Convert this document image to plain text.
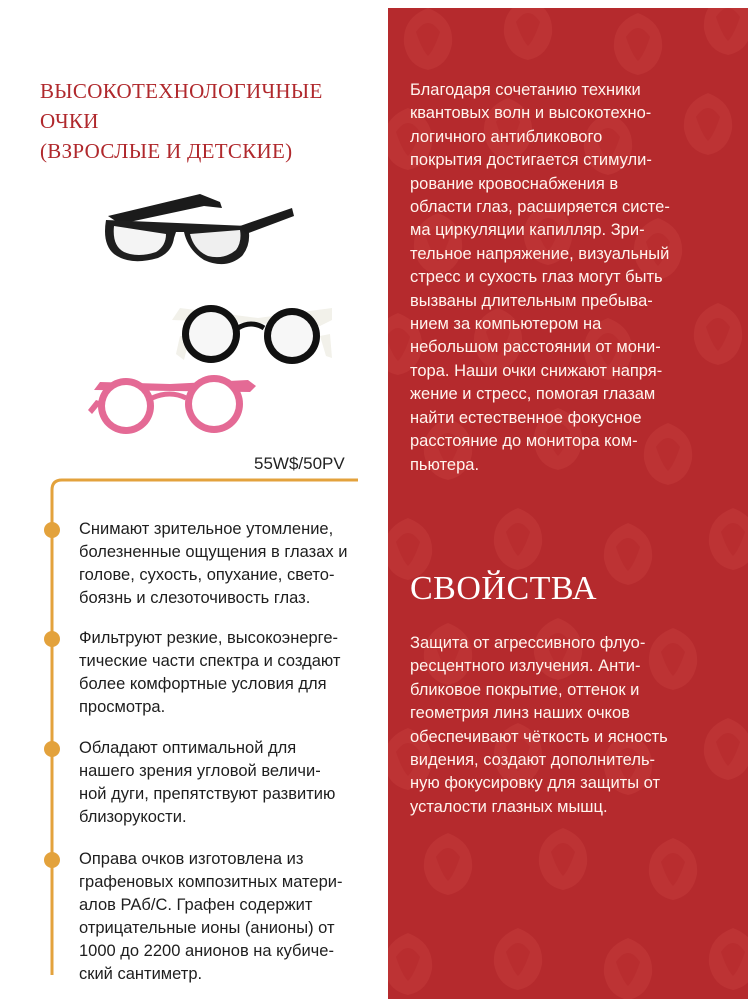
ВЫСОКОТЕХНОЛОГИЧНЫЕ
ОЧКИ
(ВЗРОСЛЫЕ И ДЕТСКИЕ)
55W$/50PV
Снимают зрительное утомление,
болезненные ощущения в глазах и
голове, сухость, опухание, свето-
боязнь и слезоточивость глаз.
Фильтруют резкие, высокоэнерге-
тические части спектра и создают
более комфортные условия для
просмотра.
Обладают оптимальной для
нашего зрения угловой величи-
ной дуги, препятствуют развитию
близорукости.
Оправа очков изготовлена из
графеновых композитных матери-
алов РАб/С. Графен содержит
отрицательные ионы (анионы) от
1000 до 2200 анионов на кубиче-
ский сантиметр.
Благодаря сочетанию техники
квантовых волн и высокотехно-
логичного антибликового
покрытия достигается стимули-
рование кровоснабжения в
области глаз, расширяется систе-
ма циркуляции капилляр. Зри-
тельное напряжение, визуальный
стресс и сухость глаз могут быть
вызваны длительным пребыва-
нием за компьютером на
небольшом расстоянии от мони-
тора. Наши очки снижают напря-
жение и стресс, помогая глазам
найти естественное фокусное
расстояние до монитора ком-
пьютера.
СВОЙСТВА
Защита от агрессивного флуо-
ресцентного излучения. Анти-
бликовое покрытие, оттенок и
геометрия линз наших очков
обеспечивают чёткость и ясность
видения, создают дополнитель-
ную фокусировку для защиты от
усталости глазных мышц.
